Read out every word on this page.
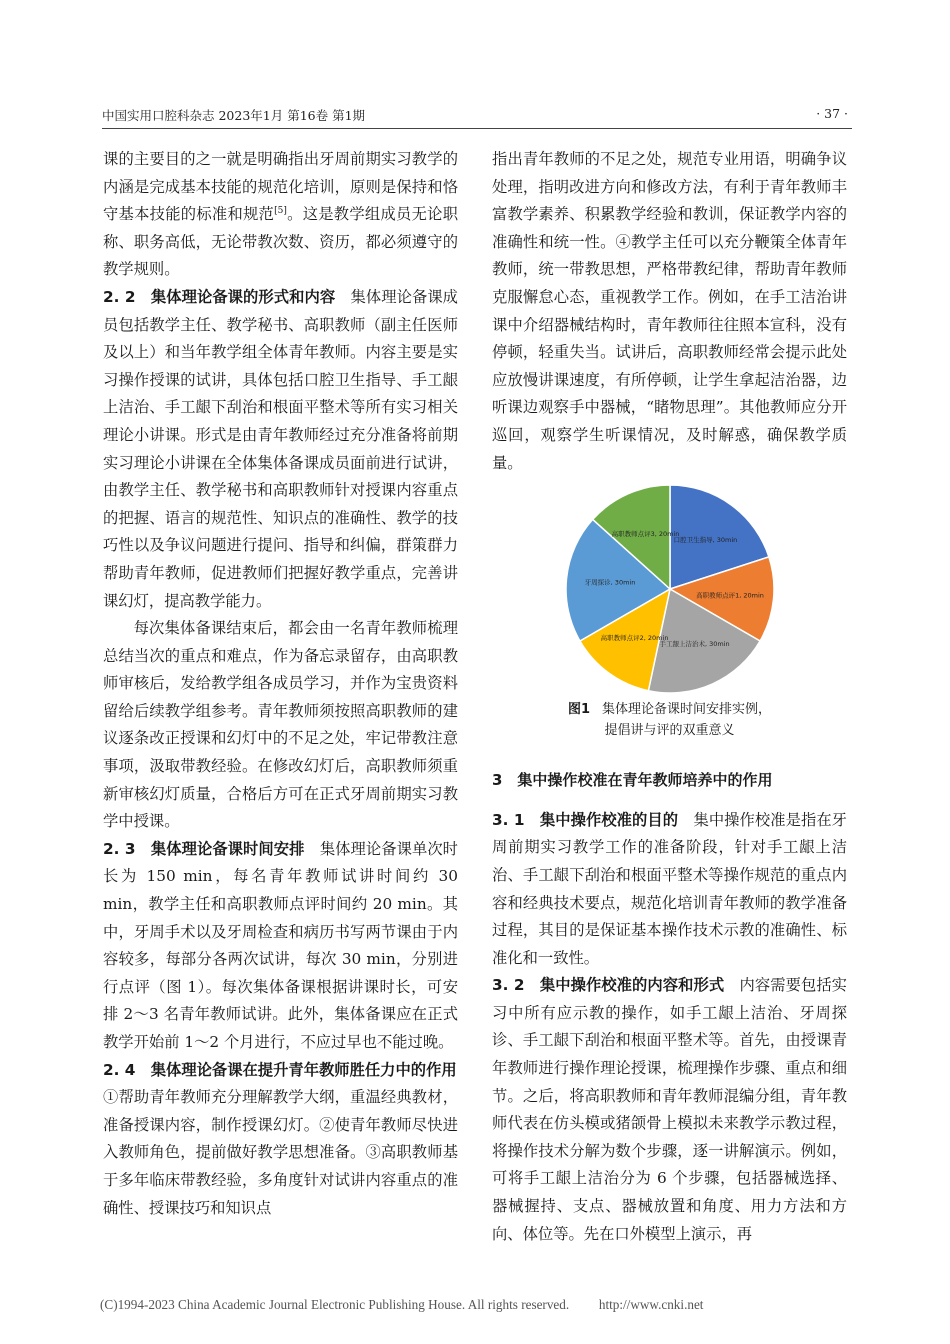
中国实用口腔科杂志 2023年1月 第16卷 第1期	· 37 ·

课的主要目的之一就是明确指出牙周前期实习教学的内涵是完成基本技能的规范化培训，原则是保持和恪守基本技能的标准和规范[5]。这是教学组成员无论职称、职务高低，无论带教次数、资历，都必须遵守的教学规则。

2. 2　集体理论备课的形式和内容　集体理论备课成员包括教学主任、教学秘书、高职教师（副主任医师及以上）和当年教学组全体青年教师。内容主要是实习操作授课的试讲，具体包括口腔卫生指导、手工龈上洁治、手工龈下刮治和根面平整术等所有实习相关理论小讲课。形式是由青年教师经过充分准备将前期实习理论小讲课在全体集体备课成员面前进行试讲，由教学主任、教学秘书和高职教师针对授课内容重点的把握、语言的规范性、知识点的准确性、教学的技巧性以及争议问题进行提问、指导和纠偏，群策群力帮助青年教师，促进教师们把握好教学重点，完善讲课幻灯，提高教学能力。

每次集体备课结束后，都会由一名青年教师梳理总结当次的重点和难点，作为备忘录留存，由高职教师审核后，发给教学组各成员学习，并作为宝贵资料留给后续教学组参考。青年教师须按照高职教师的建议逐条改正授课和幻灯中的不足之处，牢记带教注意事项，汲取带教经验。在修改幻灯后，高职教师须重新审核幻灯质量，合格后方可在正式牙周前期实习教学中授课。

2. 3　集体理论备课时间安排　集体理论备课单次时长为 150 min，每名青年教师试讲时间约 30 min，教学主任和高职教师点评时间约 20 min。其中，牙周手术以及牙周检查和病历书写两节课由于内容较多，每部分各两次试讲，每次 30 min，分别进行点评（图 1）。每次集体备课根据讲课时长，可安排 2～3 名青年教师试讲。此外，集体备课应在正式教学开始前 1～2 个月进行，不应过早也不能过晚。

2. 4　集体理论备课在提升青年教师胜任力中的作用　①帮助青年教师充分理解教学大纲，重温经典教材，准备授课内容，制作授课幻灯。②使青年教师尽快进入教师角色，提前做好教学思想准备。③高职教师基于多年临床带教经验，多角度针对试讲内容重点的准确性、授课技巧和知识点

指出青年教师的不足之处，规范专业用语，明确争议处理，指明改进方向和修改方法，有利于青年教师丰富教学素养、积累教学经验和教训，保证教学内容的准确性和统一性。④教学主任可以充分鞭策全体青年教师，统一带教思想，严格带教纪律，帮助青年教师克服懈怠心态，重视教学工作。例如，在手工洁治讲课中介绍器械结构时，青年教师往往照本宣科，没有停顿，轻重失当。试讲后，高职教师经常会提示此处应放慢讲课速度，有所停顿，让学生拿起洁治器，边听课边观察手中器械，“睹物思理”。其他教师应分开巡回，观察学生听课情况，及时解惑，确保教学质量。

口腔卫生指导, 30min
高职教师点评1, 20min
手工龈上洁治术, 30min
高职教师点评2, 20min
牙周探诊, 30min
高职教师点评3, 20min
图1 集体理论备课时间安排实例，
提倡讲与评的双重意义
3　集中操作校准在青年教师培养中的作用

3. 1　集中操作校准的目的　集中操作校准是指在牙周前期实习教学工作的准备阶段，针对手工龈上洁治、手工龈下刮治和根面平整术等操作规范的重点内容和经典技术要点，规范化培训青年教师的教学准备过程，其目的是保证基本操作技术示教的准确性、标准化和一致性。

3. 2　集中操作校准的内容和形式　内容需要包括实习中所有应示教的操作，如手工龈上洁治、牙周探诊、手工龈下刮治和根面平整术等。首先，由授课青年教师进行操作理论授课，梳理操作步骤、重点和细节。之后，将高职教师和青年教师混编分组，青年教师代表在仿头模或猪颌骨上模拟未来教学示教过程，将操作技术分解为数个步骤，逐一讲解演示。例如，可将手工龈上洁治分为 6 个步骤，包括器械选择、器械握持、支点、器械放置和角度、用力方法和方向、体位等。先在口外模型上演示，再

(C)1994-2023 China Academic Journal Electronic Publishing House. All rights reserved. http://www.cnki.net
